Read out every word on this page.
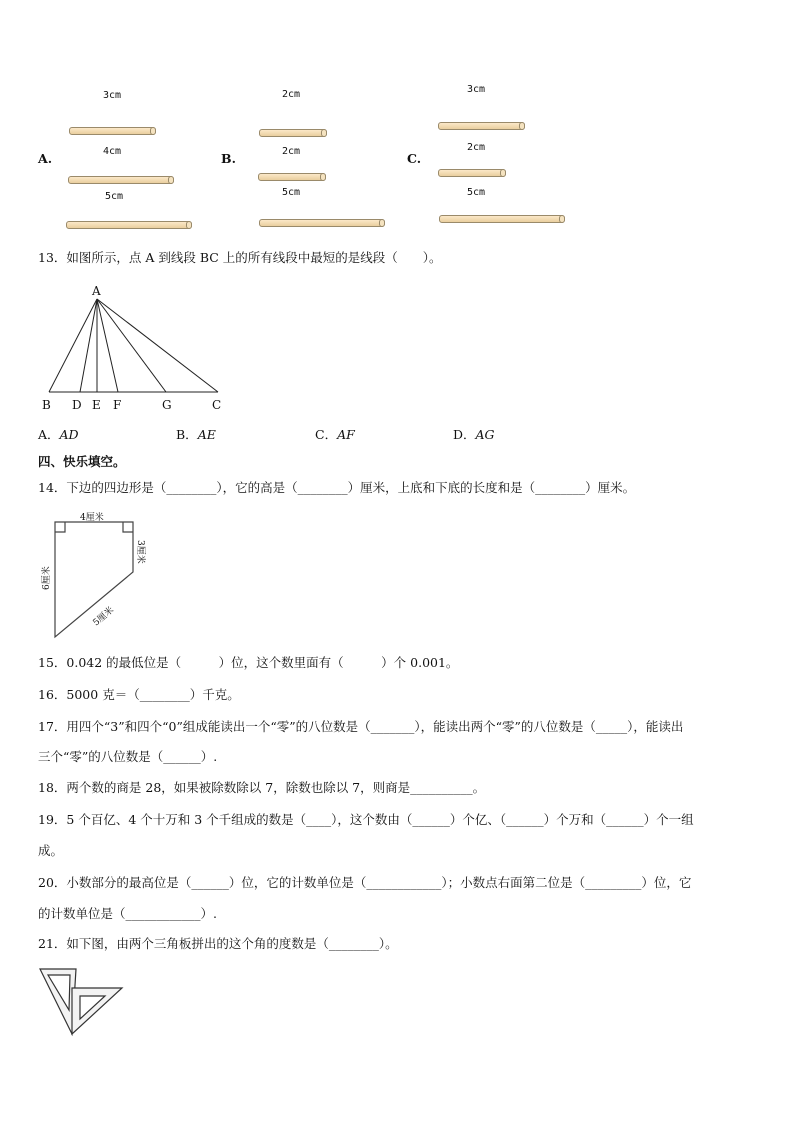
A.
3cm
4cm
5cm
B.
2cm
2cm
5cm
C.
3cm
2cm
5cm
13．如图所示，点 A 到线段 BC 上的所有线段中最短的是线段（　　）。
A
B D E F	G	C
A．AD	B．AE	C．AF	D．AG
四、快乐填空。
14．下边的四边形是（________），它的高是（________）厘米，上底和下底的长度和是（________）厘米。
4厘米
3厘米
6厘米
5厘米
15．0.042 的最低位是（　　　）位，这个数里面有（　　　）个 0.001。
16．5000 克＝（________）千克。
17．用四个“3”和四个“0”组成能读出一个“零”的八位数是（_______），能读出两个“零”的八位数是（_____），能读出
三个“零”的八位数是（______）.
18．两个数的商是 28，如果被除数除以 7，除数也除以 7，则商是__________。
19．5 个百亿、4 个十万和 3 个千组成的数是（____），这个数由（______）个亿、（______）个万和（______）个一组
成。
20．小数部分的最高位是（______）位，它的计数单位是（____________）；小数点右面第二位是（_________）位，它
的计数单位是（____________）.
21．如下图，由两个三角板拼出的这个角的度数是（________）。
